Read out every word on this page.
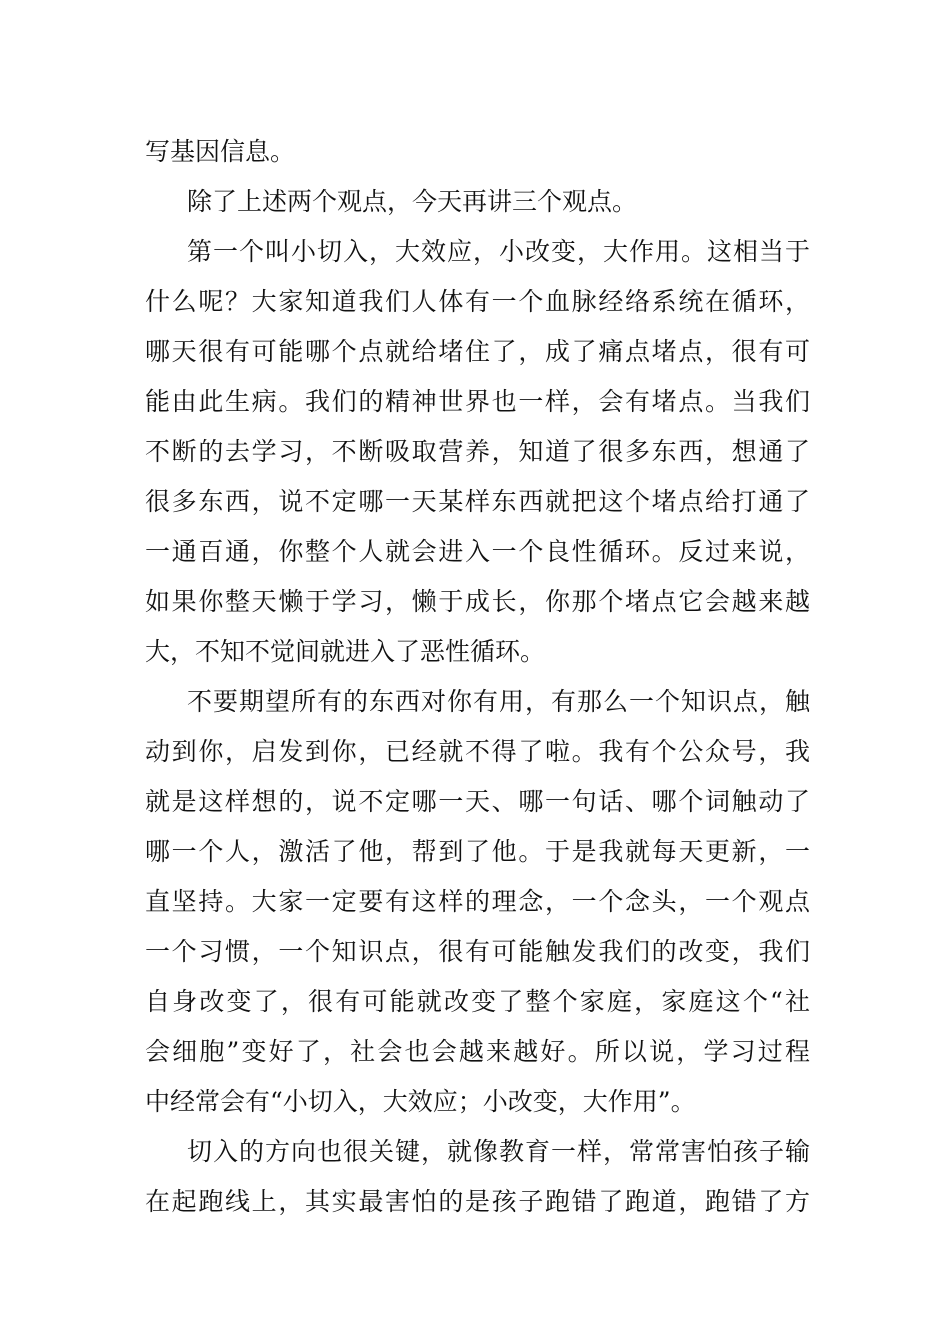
写基因信息。
除了上述两个观点，今天再讲三个观点。
第一个叫小切入，大效应，小改变，大作用。这相当于
什么呢？大家知道我们人体有一个血脉经络系统在循环，
哪天很有可能哪个点就给堵住了，成了痛点堵点，很有可
能由此生病。我们的精神世界也一样，会有堵点。当我们
不断的去学习，不断吸取营养，知道了很多东西，想通了
很多东西，说不定哪一天某样东西就把这个堵点给打通了
一通百通，你整个人就会进入一个良性循环。反过来说，
如果你整天懒于学习，懒于成长，你那个堵点它会越来越
大，不知不觉间就进入了恶性循环。
不要期望所有的东西对你有用，有那么一个知识点，触
动到你，启发到你，已经就不得了啦。我有个公众号，我
就是这样想的，说不定哪一天、哪一句话、哪个词触动了
哪一个人，激活了他，帮到了他。于是我就每天更新，一
直坚持。大家一定要有这样的理念，一个念头，一个观点
一个习惯，一个知识点，很有可能触发我们的改变，我们
自身改变了，很有可能就改变了整个家庭，家庭这个“社
会细胞”变好了，社会也会越来越好。所以说，学习过程
中经常会有“小切入，大效应；小改变，大作用”。
切入的方向也很关键，就像教育一样，常常害怕孩子输
在起跑线上，其实最害怕的是孩子跑错了跑道，跑错了方
